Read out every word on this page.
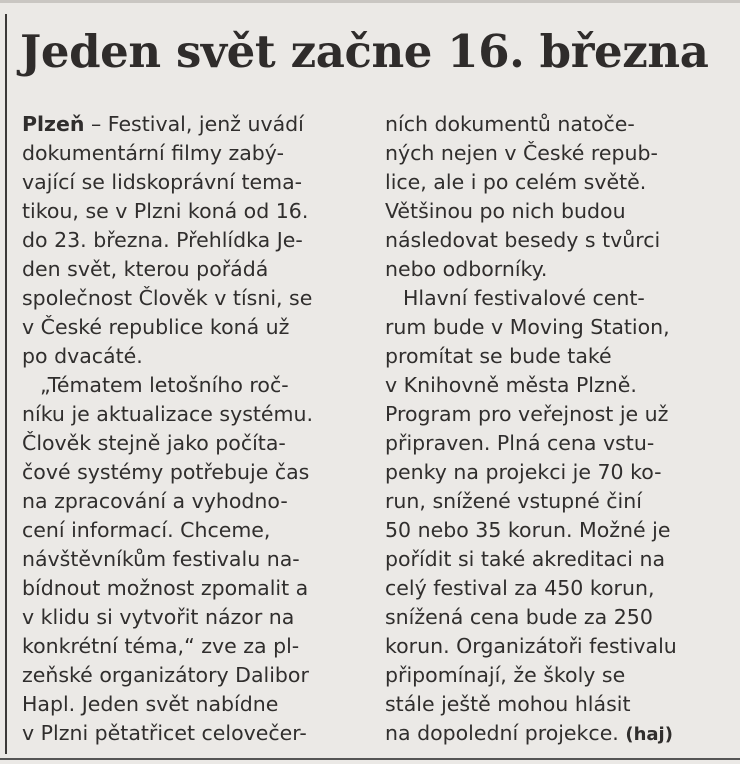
Jeden svět začne 16. března
Plzeň – Festival, jenž uvádí
dokumentární filmy zabý-
vající se lidskoprávní tema-
tikou, se v Plzni koná od 16.
do 23. března. Přehlídka Je-
den svět, kterou pořádá
společnost Člověk v tísni, se
v České republice koná už
po dvacáté.
„Tématem letošního roč-
níku je aktualizace systému.
Člověk stejně jako počíta-
čové systémy potřebuje čas
na zpracování a vyhodno-
cení informací. Chceme,
návštěvníkům festivalu na-
bídnout možnost zpomalit a
v klidu si vytvořit názor na
konkrétní téma,“ zve za pl-
zeňské organizátory Dalibor
Hapl. Jeden svět nabídne
v Plzni pětatřicet celovečer-
ních dokumentů natoče-
ných nejen v České repub-
lice, ale i po celém světě.
Většinou po nich budou
následovat besedy s tvůrci
nebo odborníky.
Hlavní festivalové cent-
rum bude v Moving Station,
promítat se bude také
v Knihovně města Plzně.
Program pro veřejnost je už
připraven. Plná cena vstu-
penky na projekci je 70 ko-
run, snížené vstupné činí
50 nebo 35 korun. Možné je
pořídit si také akreditaci na
celý festival za 450 korun,
snížená cena bude za 250
korun. Organizátoři festivalu
připomínají, že školy se
stále ještě mohou hlásit
na dopolední projekce. (haj)
